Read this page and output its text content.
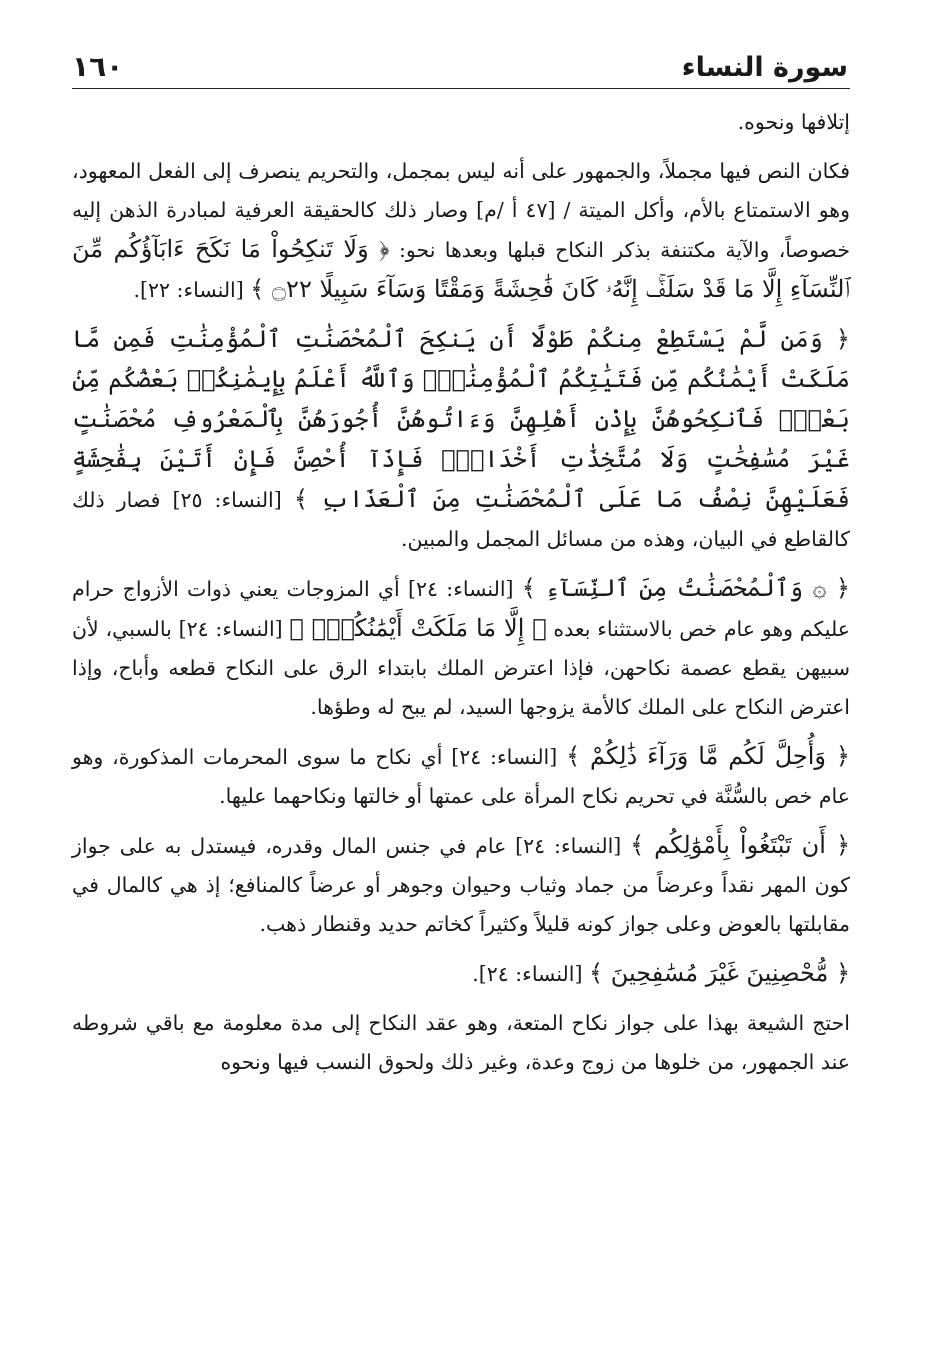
سورة النساء
١٦٠

إتلافها ونحوه.

فكان النص فيها مجملاً، والجمهور على أنه ليس بمجمل، والتحريم ينصرف إلى الفعل المعهود، وهو الاستمتاع بالأم، وأكل الميتة / [٤٧ أ /م] وصار ذلك كالحقيقة العرفية لمبادرة الذهن إليه خصوصاً، والآية مكتنفة بذكر النكاح قبلها وبعدها نحو: ﴿ وَلَا تَنكِحُواْ مَا نَكَحَ ءَابَآؤُكُم مِّنَ ٱلنِّسَآءِ إِلَّا مَا قَدْ سَلَفَۚ إِنَّهُۥ كَانَ فَٰحِشَةً وَمَقْتًا وَسَآءَ سَبِيلًا ۝٢٢ ﴾ [النساء: ٢٢].

﴿ وَمَن لَّمْ يَسْتَطِعْ مِنكُمْ طَوْلًا أَن يَنكِحَ ٱلْمُحْصَنَٰتِ ٱلْمُؤْمِنَٰتِ فَمِن مَّا مَلَكَتْ أَيْمَٰنُكُم مِّن فَتَيَٰتِكُمُ ٱلْمُؤْمِنَٰتِۚ وَٱللَّهُ أَعْلَمُ بِإِيمَٰنِكُمۚ بَعْضُكُم مِّنۢ بَعْضٍۚ فَٱنكِحُوهُنَّ بِإِذْنِ أَهْلِهِنَّ وَءَاتُوهُنَّ أُجُورَهُنَّ بِٱلْمَعْرُوفِ مُحْصَنَٰتٍ غَيْرَ مُسَٰفِحَٰتٍ وَلَا مُتَّخِذَٰتِ أَخْدَانٍۚ فَإِذَآ أُحْصِنَّ فَإِنْ أَتَيْنَ بِفَٰحِشَةٍ فَعَلَيْهِنَّ نِصْفُ مَا عَلَى ٱلْمُحْصَنَٰتِ مِنَ ٱلْعَذَابِ ﴾ [النساء: ٢٥] فصار ذلك كالقاطع في البيان، وهذه من مسائل المجمل والمبين.

﴿ ۞ وَٱلْمُحْصَنَٰتُ مِنَ ٱلنِّسَآءِ ﴾ [النساء: ٢٤] أي المزوجات يعني ذوات الأزواج حرام عليكم وهو عام خص بالاستثناء بعده ﴿ إِلَّا مَا مَلَكَتْ أَيْمَٰنُكُمْۖ ﴾ [النساء: ٢٤] بالسبي، لأن سبيهن يقطع عصمة نكاحهن، فإذا اعترض الملك بابتداء الرق على النكاح قطعه وأباح، وإذا اعترض النكاح على الملك كالأمة يزوجها السيد، لم يبح له وطؤها.

﴿ وَأُحِلَّ لَكُم مَّا وَرَآءَ ذَٰلِكُمْ ﴾ [النساء: ٢٤] أي نكاح ما سوى المحرمات المذكورة، وهو عام خص بالسُّنَّة في تحريم نكاح المرأة على عمتها أو خالتها ونكاحهما عليها.

﴿ أَن تَبْتَغُواْ بِأَمْوَٰلِكُم ﴾ [النساء: ٢٤] عام في جنس المال وقدره، فيستدل به على جواز كون المهر نقداً وعرضاً من جماد وثياب وحيوان وجوهر أو عرضاً كالمنافع؛ إذ هي كالمال في مقابلتها بالعوض وعلى جواز كونه قليلاً وكثيراً كخاتم حديد وقنطار ذهب.

﴿ مُّحْصِنِينَ غَيْرَ مُسَٰفِحِينَ ﴾ [النساء: ٢٤].

احتج الشيعة بهذا على جواز نكاح المتعة، وهو عقد النكاح إلى مدة معلومة مع باقي شروطه عند الجمهور، من خلوها من زوج وعدة، وغير ذلك ولحوق النسب فيها ونحوه
